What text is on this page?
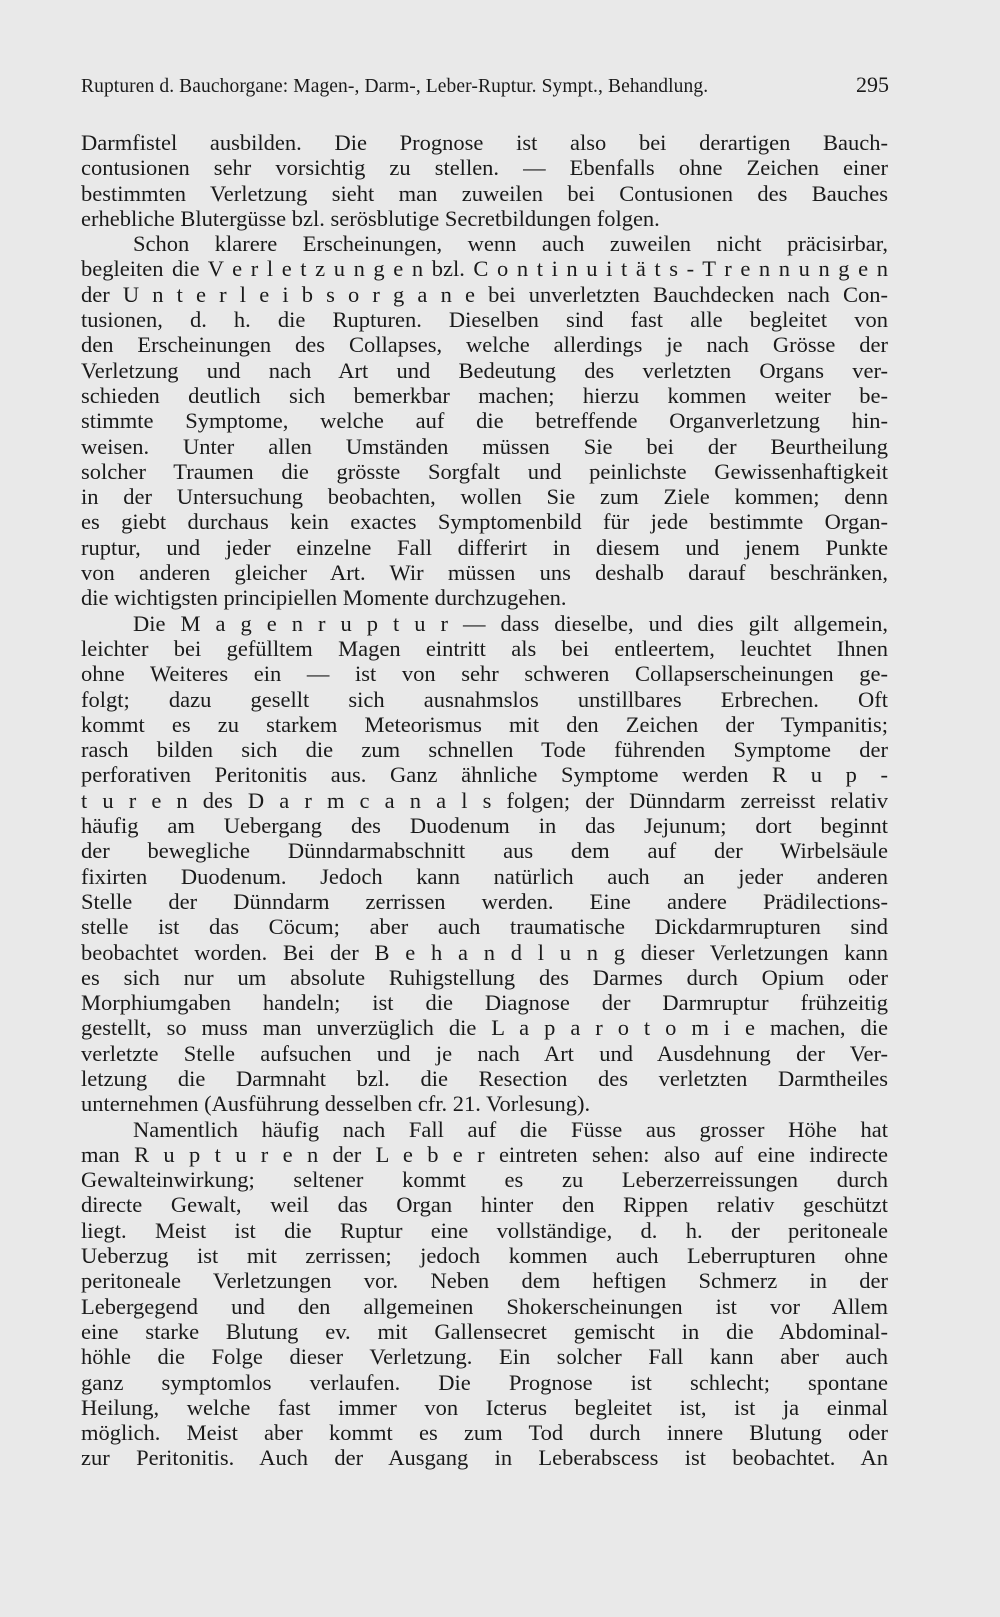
Rupturen d. Bauchorgane: Magen-, Darm-, Leber-Ruptur. Sympt., Behandlung.	295
Darmfistel ausbilden. Die Prognose ist also bei derartigen Bauch-
contusionen sehr vorsichtig zu stellen. — Ebenfalls ohne Zeichen einer
bestimmten Verletzung sieht man zuweilen bei Contusionen des Bauches
erhebliche Blutergüsse bzl. serösblutige Secretbildungen folgen.
Schon klarere Erscheinungen, wenn auch zuweilen nicht präcisirbar,
begleiten die V e r l e t z u n g e n bzl. C o n t i n u i t ä t s - T r e n n u n g e n
der U n t e r l e i b s o r g a n e bei unverletzten Bauchdecken nach Con-
tusionen, d. h. die Rupturen. Dieselben sind fast alle begleitet von
den Erscheinungen des Collapses, welche allerdings je nach Grösse der
Verletzung und nach Art und Bedeutung des verletzten Organs ver-
schieden deutlich sich bemerkbar machen; hierzu kommen weiter be-
stimmte Symptome, welche auf die betreffende Organverletzung hin-
weisen. Unter allen Umständen müssen Sie bei der Beurtheilung
solcher Traumen die grösste Sorgfalt und peinlichste Gewissenhaftigkeit
in der Untersuchung beobachten, wollen Sie zum Ziele kommen; denn
es giebt durchaus kein exactes Symptomenbild für jede bestimmte Organ-
ruptur, und jeder einzelne Fall differirt in diesem und jenem Punkte
von anderen gleicher Art. Wir müssen uns deshalb darauf beschränken,
die wichtigsten principiellen Momente durchzugehen.
Die M a g e n r u p t u r — dass dieselbe, und dies gilt allgemein,
leichter bei gefülltem Magen eintritt als bei entleertem, leuchtet Ihnen
ohne Weiteres ein — ist von sehr schweren Collapserscheinungen ge-
folgt; dazu gesellt sich ausnahmslos unstillbares Erbrechen. Oft
kommt es zu starkem Meteorismus mit den Zeichen der Tympanitis;
rasch bilden sich die zum schnellen Tode führenden Symptome der
perforativen Peritonitis aus. Ganz ähnliche Symptome werden R u p -
t u r e n des D a r m c a n a l s folgen; der Dünndarm zerreisst relativ
häufig am Uebergang des Duodenum in das Jejunum; dort beginnt
der bewegliche Dünndarmabschnitt aus dem auf der Wirbelsäule
fixirten Duodenum. Jedoch kann natürlich auch an jeder anderen
Stelle der Dünndarm zerrissen werden. Eine andere Prädilections-
stelle ist das Cöcum; aber auch traumatische Dickdarmrupturen sind
beobachtet worden. Bei der B e h a n d l u n g dieser Verletzungen kann
es sich nur um absolute Ruhigstellung des Darmes durch Opium oder
Morphiumgaben handeln; ist die Diagnose der Darmruptur frühzeitig
gestellt, so muss man unverzüglich die L a p a r o t o m i e machen, die
verletzte Stelle aufsuchen und je nach Art und Ausdehnung der Ver-
letzung die Darmnaht bzl. die Resection des verletzten Darmtheiles
unternehmen (Ausführung desselben cfr. 21. Vorlesung).
Namentlich häufig nach Fall auf die Füsse aus grosser Höhe hat
man R u p t u r e n der L e b e r eintreten sehen: also auf eine indirecte
Gewalteinwirkung; seltener kommt es zu Leberzerreissungen durch
directe Gewalt, weil das Organ hinter den Rippen relativ geschützt
liegt. Meist ist die Ruptur eine vollständige, d. h. der peritoneale
Ueberzug ist mit zerrissen; jedoch kommen auch Leberrupturen ohne
peritoneale Verletzungen vor. Neben dem heftigen Schmerz in der
Lebergegend und den allgemeinen Shokerscheinungen ist vor Allem
eine starke Blutung ev. mit Gallensecret gemischt in die Abdominal-
höhle die Folge dieser Verletzung. Ein solcher Fall kann aber auch
ganz symptomlos verlaufen. Die Prognose ist schlecht; spontane
Heilung, welche fast immer von Icterus begleitet ist, ist ja einmal
möglich. Meist aber kommt es zum Tod durch innere Blutung oder
zur Peritonitis. Auch der Ausgang in Leberabscess ist beobachtet. An
